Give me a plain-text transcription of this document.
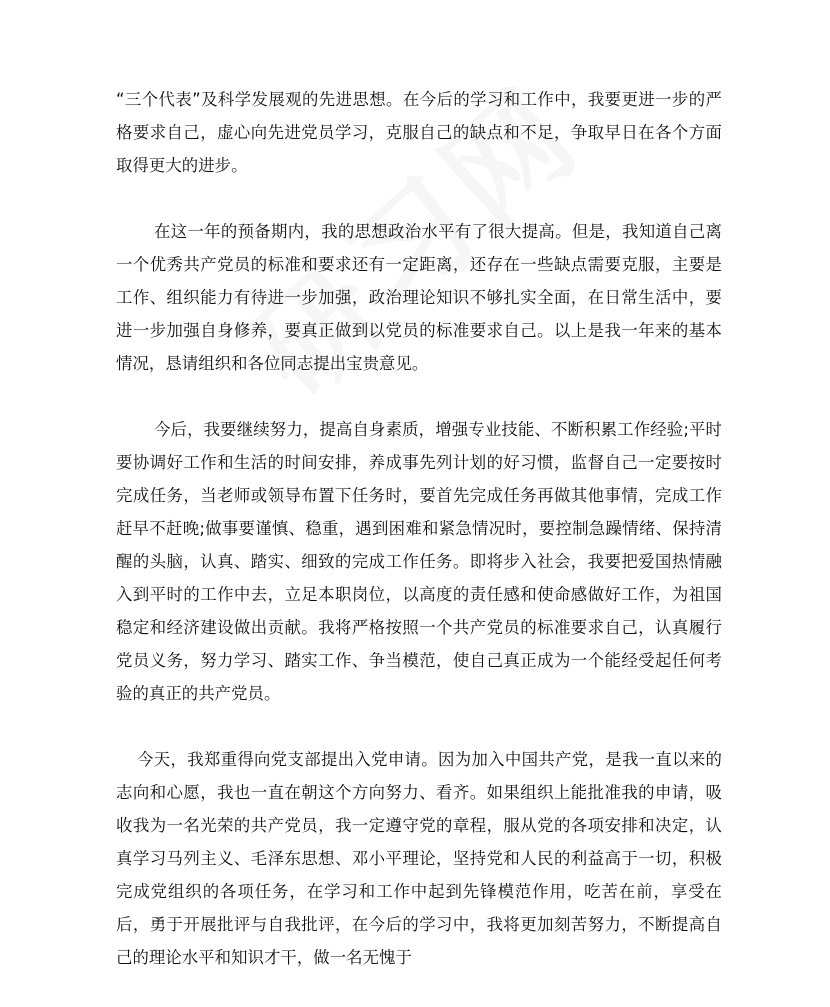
“三个代表”及科学发展观的先进思想。在今后的学习和工作中，我要更进一步的严格要求自己，虚心向先进党员学习，克服自己的缺点和不足，争取早日在各个方面取得更大的进步。

在这一年的预备期内，我的思想政治水平有了很大提高。但是，我知道自己离一个优秀共产党员的标准和要求还有一定距离，还存在一些缺点需要克服，主要是工作、组织能力有待进一步加强，政治理论知识不够扎实全面，在日常生活中，要进一步加强自身修养，要真正做到以党员的标准要求自己。以上是我一年来的基本情况，恳请组织和各位同志提出宝贵意见。

今后，我要继续努力，提高自身素质，增强专业技能、不断积累工作经验;平时要协调好工作和生活的时间安排，养成事先列计划的好习惯，监督自己一定要按时完成任务，当老师或领导布置下任务时，要首先完成任务再做其他事情，完成工作赶早不赶晚;做事要谨慎、稳重，遇到困难和紧急情况时，要控制急躁情绪、保持清醒的头脑，认真、踏实、细致的完成工作任务。即将步入社会，我要把爱国热情融入到平时的工作中去，立足本职岗位，以高度的责任感和使命感做好工作，为祖国稳定和经济建设做出贡献。我将严格按照一个共产党员的标准要求自己，认真履行党员义务，努力学习、踏实工作、争当模范，使自己真正成为一个能经受起任何考验的真正的共产党员。

今天，我郑重得向党支部提出入党申请。因为加入中国共产党，是我一直以来的志向和心愿，我也一直在朝这个方向努力、看齐。如果组织上能批准我的申请，吸收我为一名光荣的共产党员，我一定遵守党的章程，服从党的各项安排和决定，认真学习马列主义、毛泽东思想、邓小平理论，坚持党和人民的利益高于一切，积极完成党组织的各项任务，在学习和工作中起到先锋模范作用，吃苦在前，享受在后，勇于开展批评与自我批评，在今后的学习中，我将更加刻苦努力，不断提高自己的理论水平和知识才干，做一名无愧于
